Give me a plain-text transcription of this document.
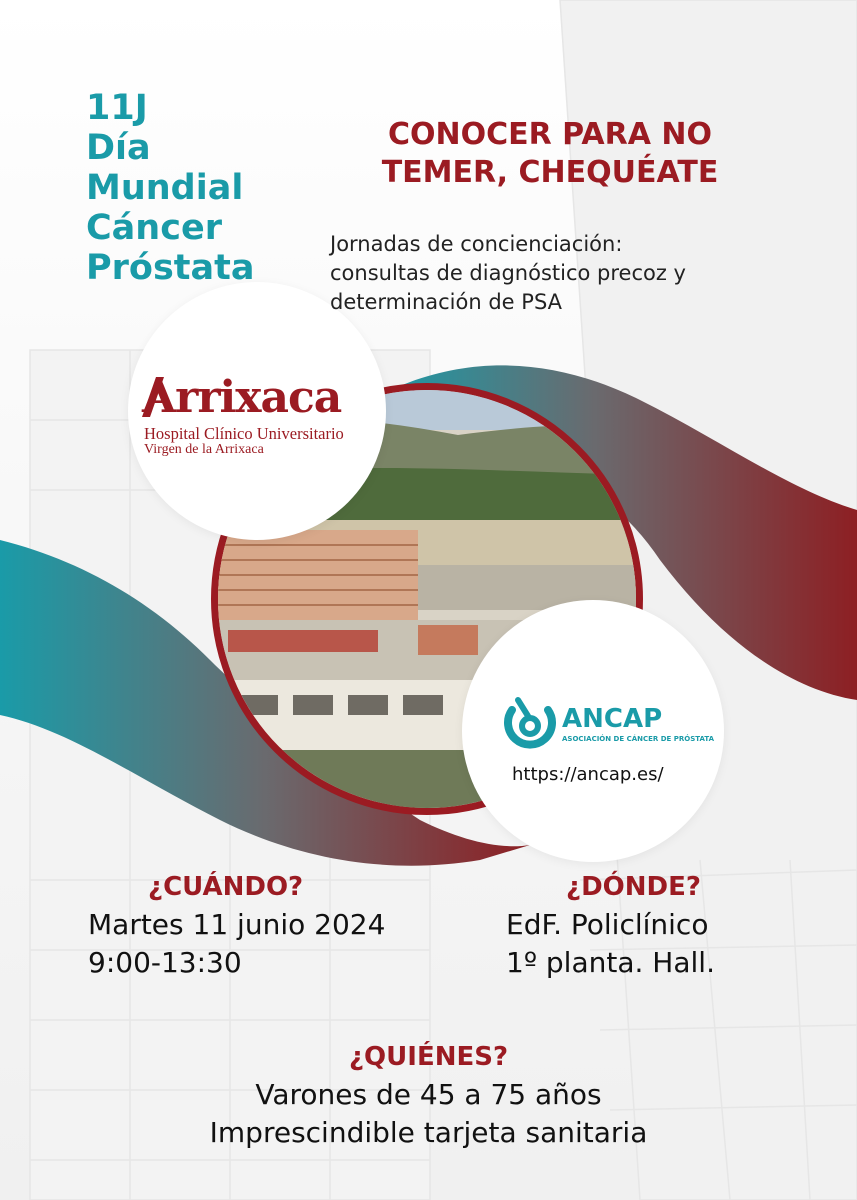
Arrixaca
Hospital Clínico Universitario
Virgen de la Arrixaca
ANCAP
ASOCIACIÓN DE CÁNCER DE PRÓSTATA
https://ancap.es/
11J
Día
Mundial
Cáncer
Próstata
CONOCER PARA NO
TEMER, CHEQUÉATE

Jornadas de concienciación:
consultas de diagnóstico precoz y
determinación de PSA

¿CUÁNDO?

Martes 11 junio 2024
9:00-13:30

¿DÓNDE?

EdF. Policlínico
1º planta. Hall.

¿QUIÉNES?

Varones de 45 a 75 años
Imprescindible tarjeta sanitaria
